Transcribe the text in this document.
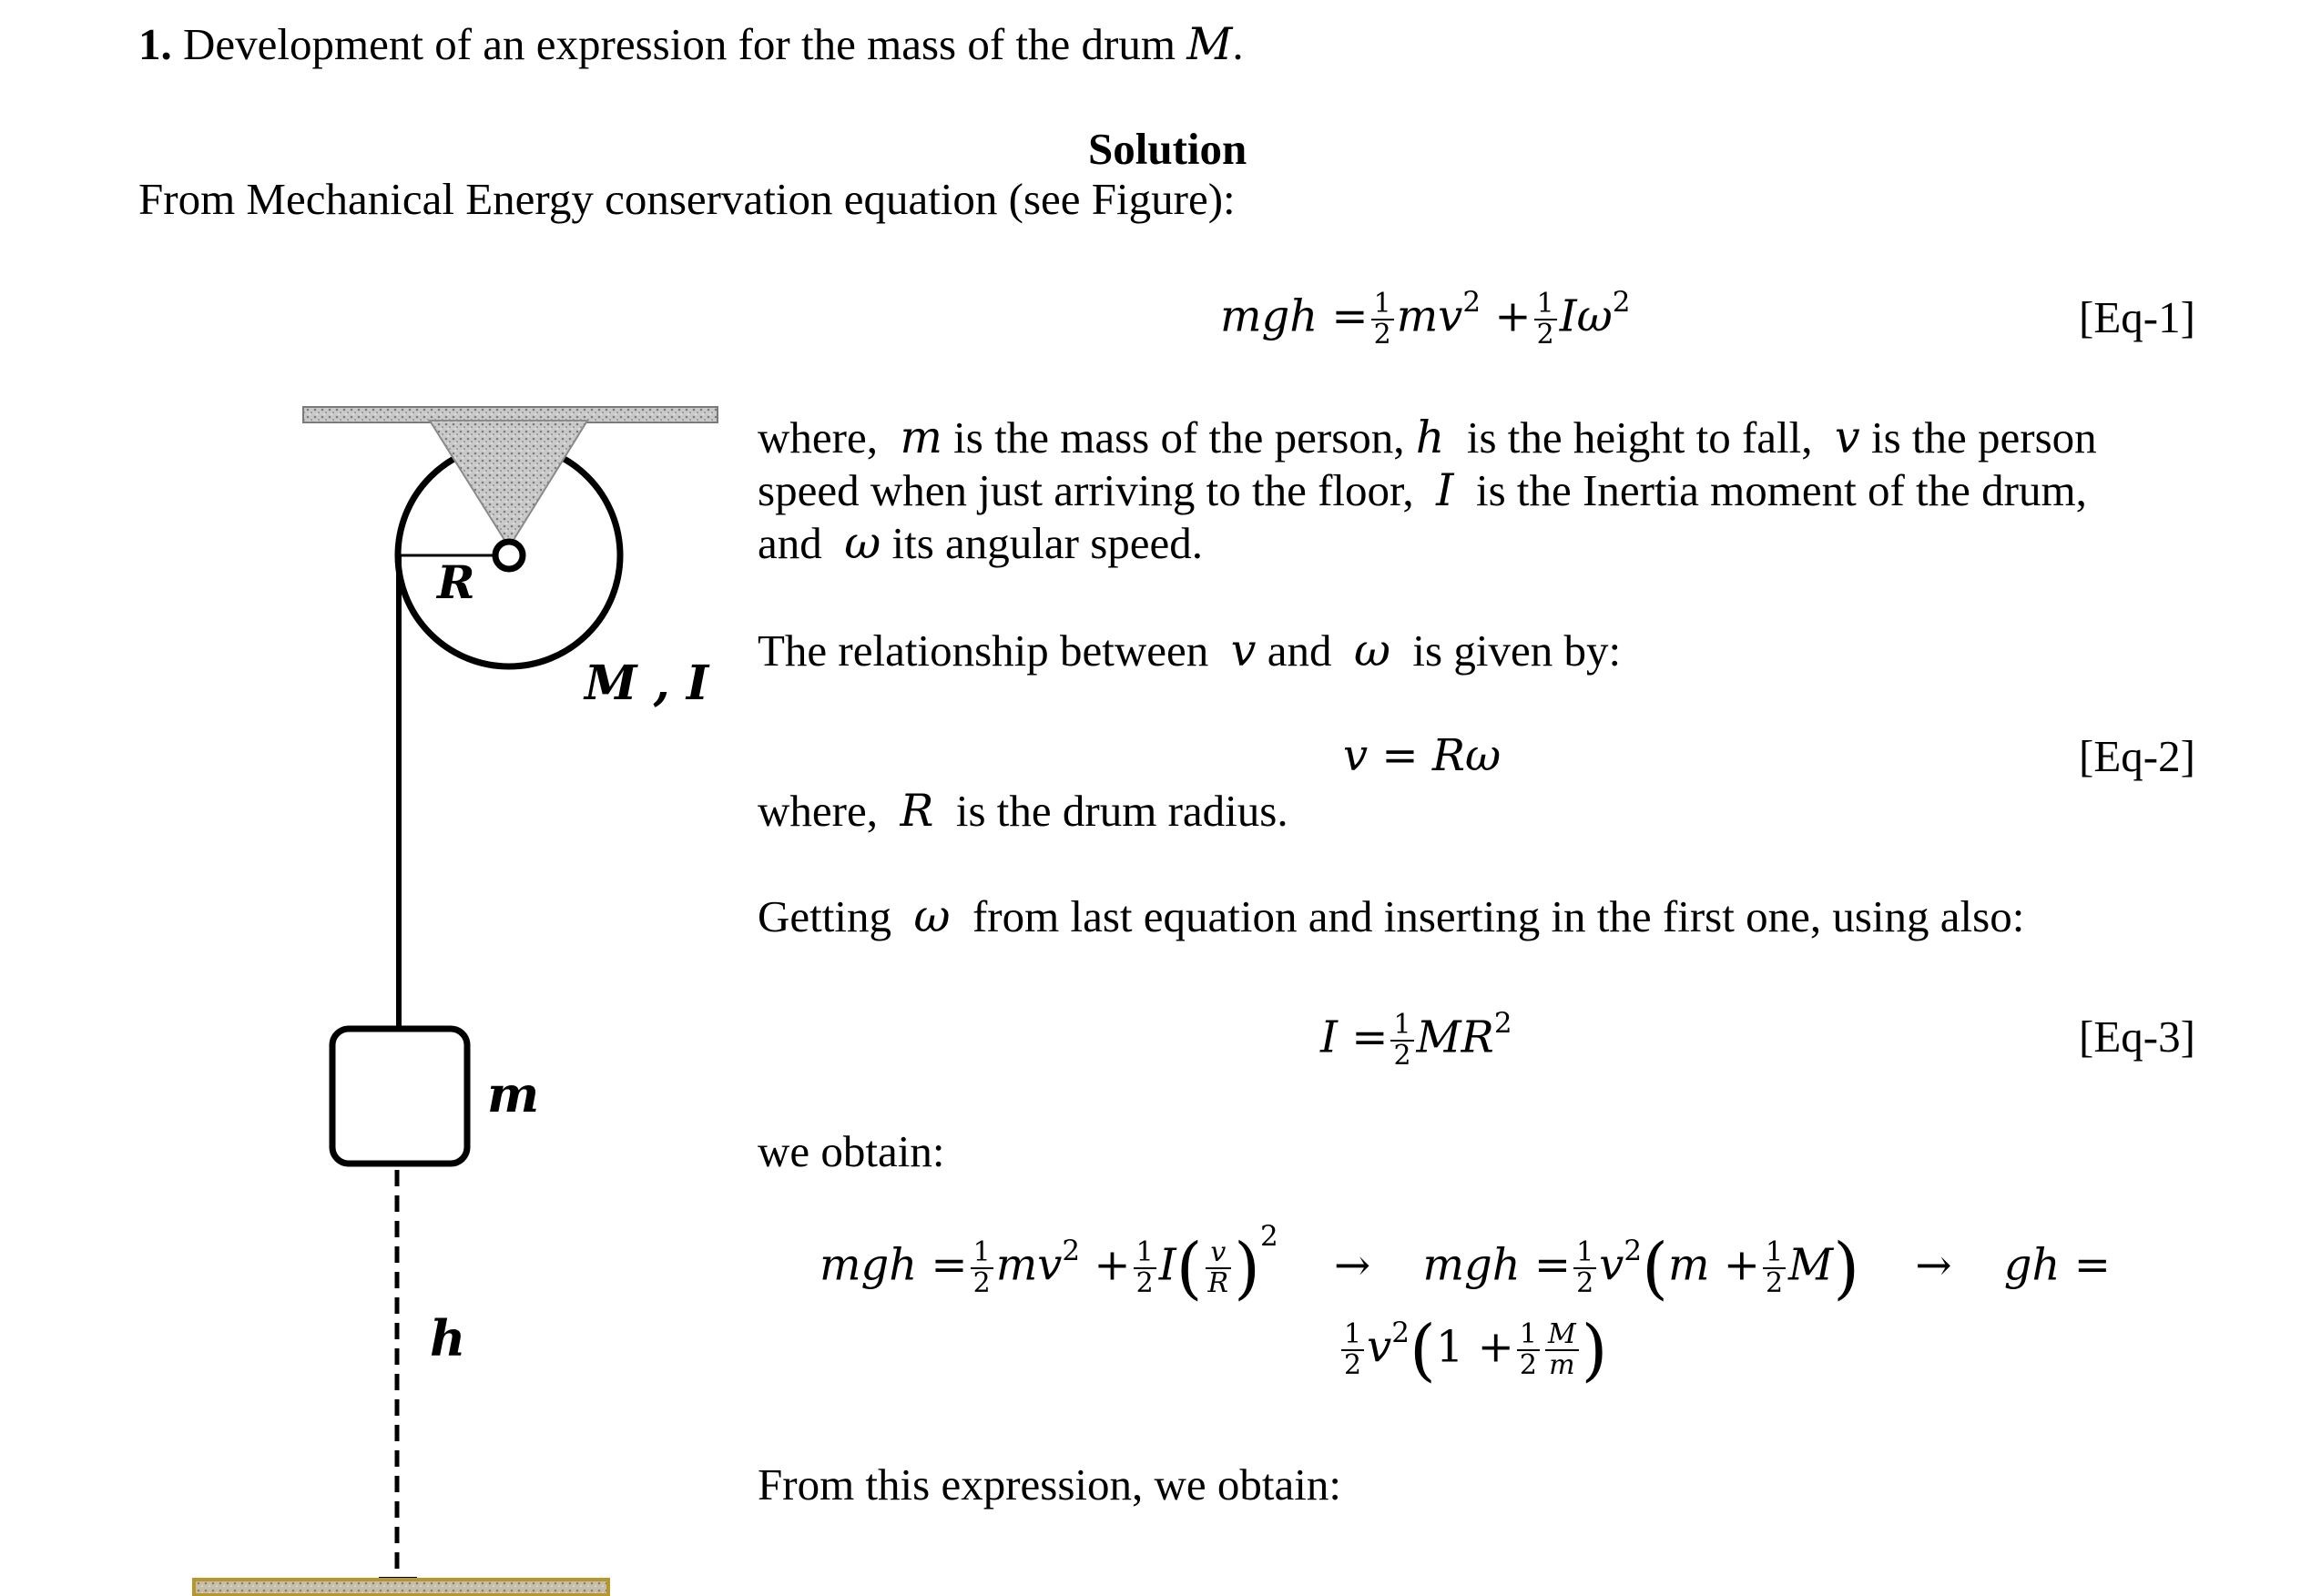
1. Development of an expression for the mass of the drum M.
Solution
From Mechanical Energy conservation equation (see Figure):
mgh = $\frac{1}{2} mv^2 + \frac{1}{2} I\omega^2$	[Eq-1]
where, m is the mass of the person, h is the height to fall, v is the person
speed when just arriving to the floor, I is the Inertia moment of the drum,
and ω its angular speed.
The relationship between v and ω is given by:
v = Rω	[Eq-2]
where, R is the drum radius.
Getting ω from last equation and inserting in the first one, using also:
$I = \frac{1}{2} MR^2$	[Eq-3]
we obtain:
mgh = $\frac{1}{2} mv^2 + \frac{1}{2} I( \frac{v}{R} )^2$ → mgh = $\frac{1}{2} v^2(m + \frac{1}{2} M)$ → gh =
$\frac{1}{2} v^2(1 + \frac{1}{2} \frac{M}{m}$ )
From this expression, we obtain:
R
M , I
m
h
